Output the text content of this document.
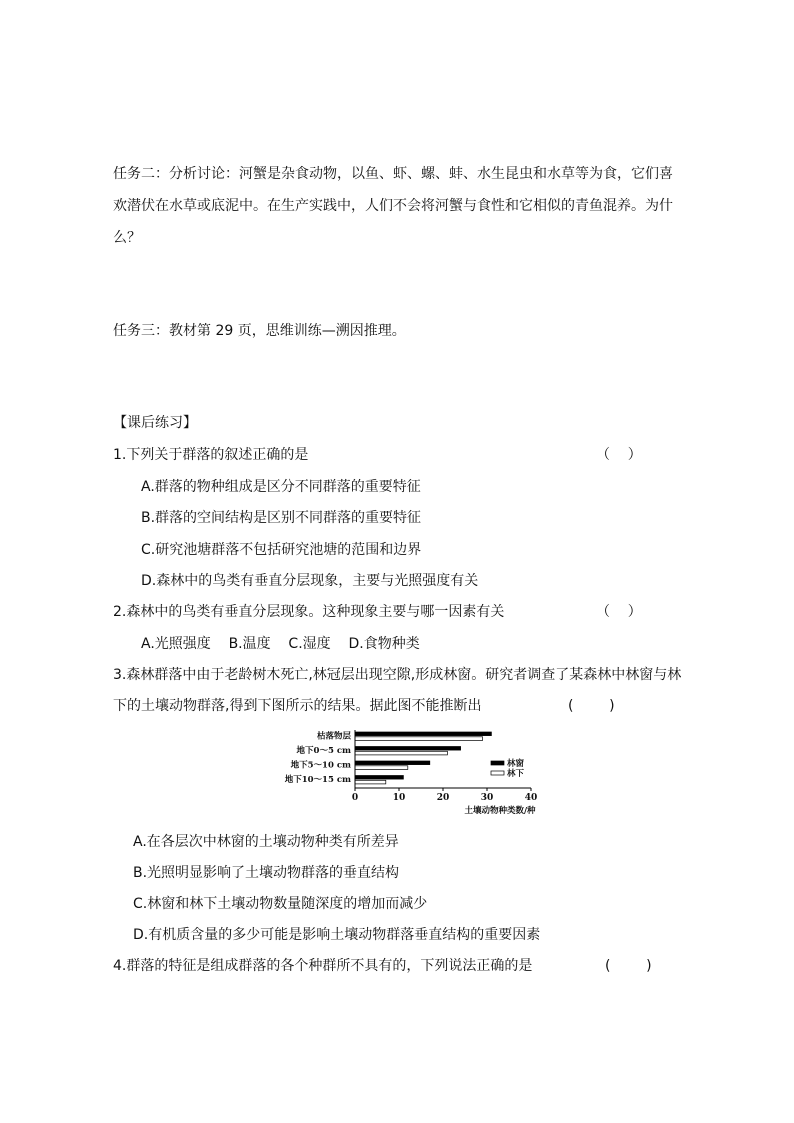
任务二：分析讨论：河蟹是杂食动物，以鱼、虾、螺、蚌、水生昆虫和水草等为食，它们喜
欢潜伏在水草或底泥中。在生产实践中，人们不会将河蟹与食性和它相似的青鱼混养。为什
么？
任务三：教材第 29 页，思维训练—溯因推理。
【课后练习】
1.下列关于群落的叙述正确的是	（    ）
A.群落的物种组成是区分不同群落的重要特征
B.群落的空间结构是区别不同群落的重要特征
C.研究池塘群落不包括研究池塘的范围和边界
D.森林中的鸟类有垂直分层现象，主要与光照强度有关
2.森林中的鸟类有垂直分层现象。这种现象主要与哪一因素有关	（    ）
A.光照强度    B.温度    C.湿度    D.食物种类
3.森林群落中由于老龄树木死亡,林冠层出现空隙,形成林窗。研究者调查了某森林中林窗与林
下的土壤动物群落,得到下图所示的结果。据此图不能推断出	(        )
枯落物层
地下0～5 cm
地下5～10 cm
地下10～15 cm
0	10	20	30	40
土壤动物种类数/种
林窗
林下
A.在各层次中林窗的土壤动物种类有所差异
B.光照明显影响了土壤动物群落的垂直结构
C.林窗和林下土壤动物数量随深度的增加而减少
D.有机质含量的多少可能是影响土壤动物群落垂直结构的重要因素
4.群落的特征是组成群落的各个种群所不具有的，下列说法正确的是	(        )
